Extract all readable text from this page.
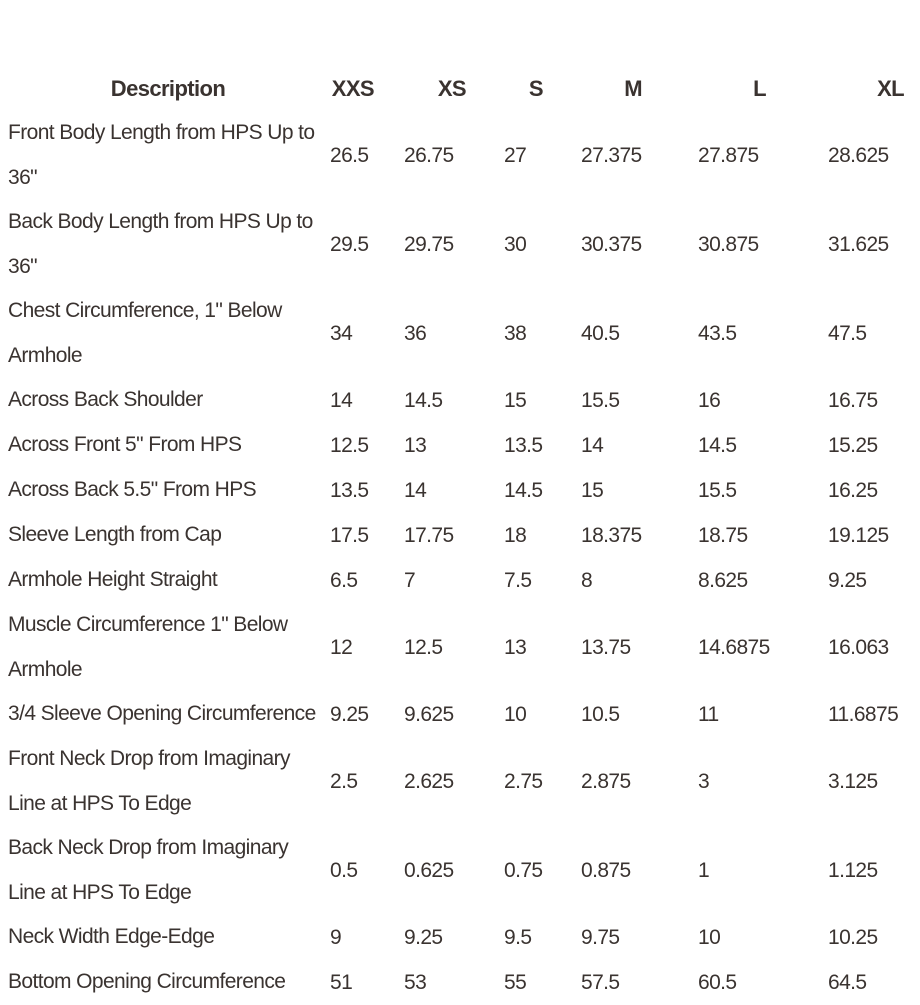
Description	XXS	XS	S	M	L	XL
Front Body Length from HPS Up to 36"	26.5	26.75	27	27.375	27.875	28.625
Back Body Length from HPS Up to 36"	29.5	29.75	30	30.375	30.875	31.625
Chest Circumference, 1" Below Armhole	34	36	38	40.5	43.5	47.5
Across Back Shoulder	14	14.5	15	15.5	16	16.75
Across Front 5" From HPS	12.5	13	13.5	14	14.5	15.25
Across Back 5.5" From HPS	13.5	14	14.5	15	15.5	16.25
Sleeve Length from Cap	17.5	17.75	18	18.375	18.75	19.125
Armhole Height Straight	6.5	7	7.5	8	8.625	9.25
Muscle Circumference 1" Below Armhole	12	12.5	13	13.75	14.6875	16.063
3/4 Sleeve Opening Circumference	9.25	9.625	10	10.5	11	11.6875
Front Neck Drop from Imaginary Line at HPS To Edge	2.5	2.625	2.75	2.875	3	3.125
Back Neck Drop from Imaginary Line at HPS To Edge	0.5	0.625	0.75	0.875	1	1.125
Neck Width Edge-Edge	9	9.25	9.5	9.75	10	10.25
Bottom Opening Circumference	51	53	55	57.5	60.5	64.5
